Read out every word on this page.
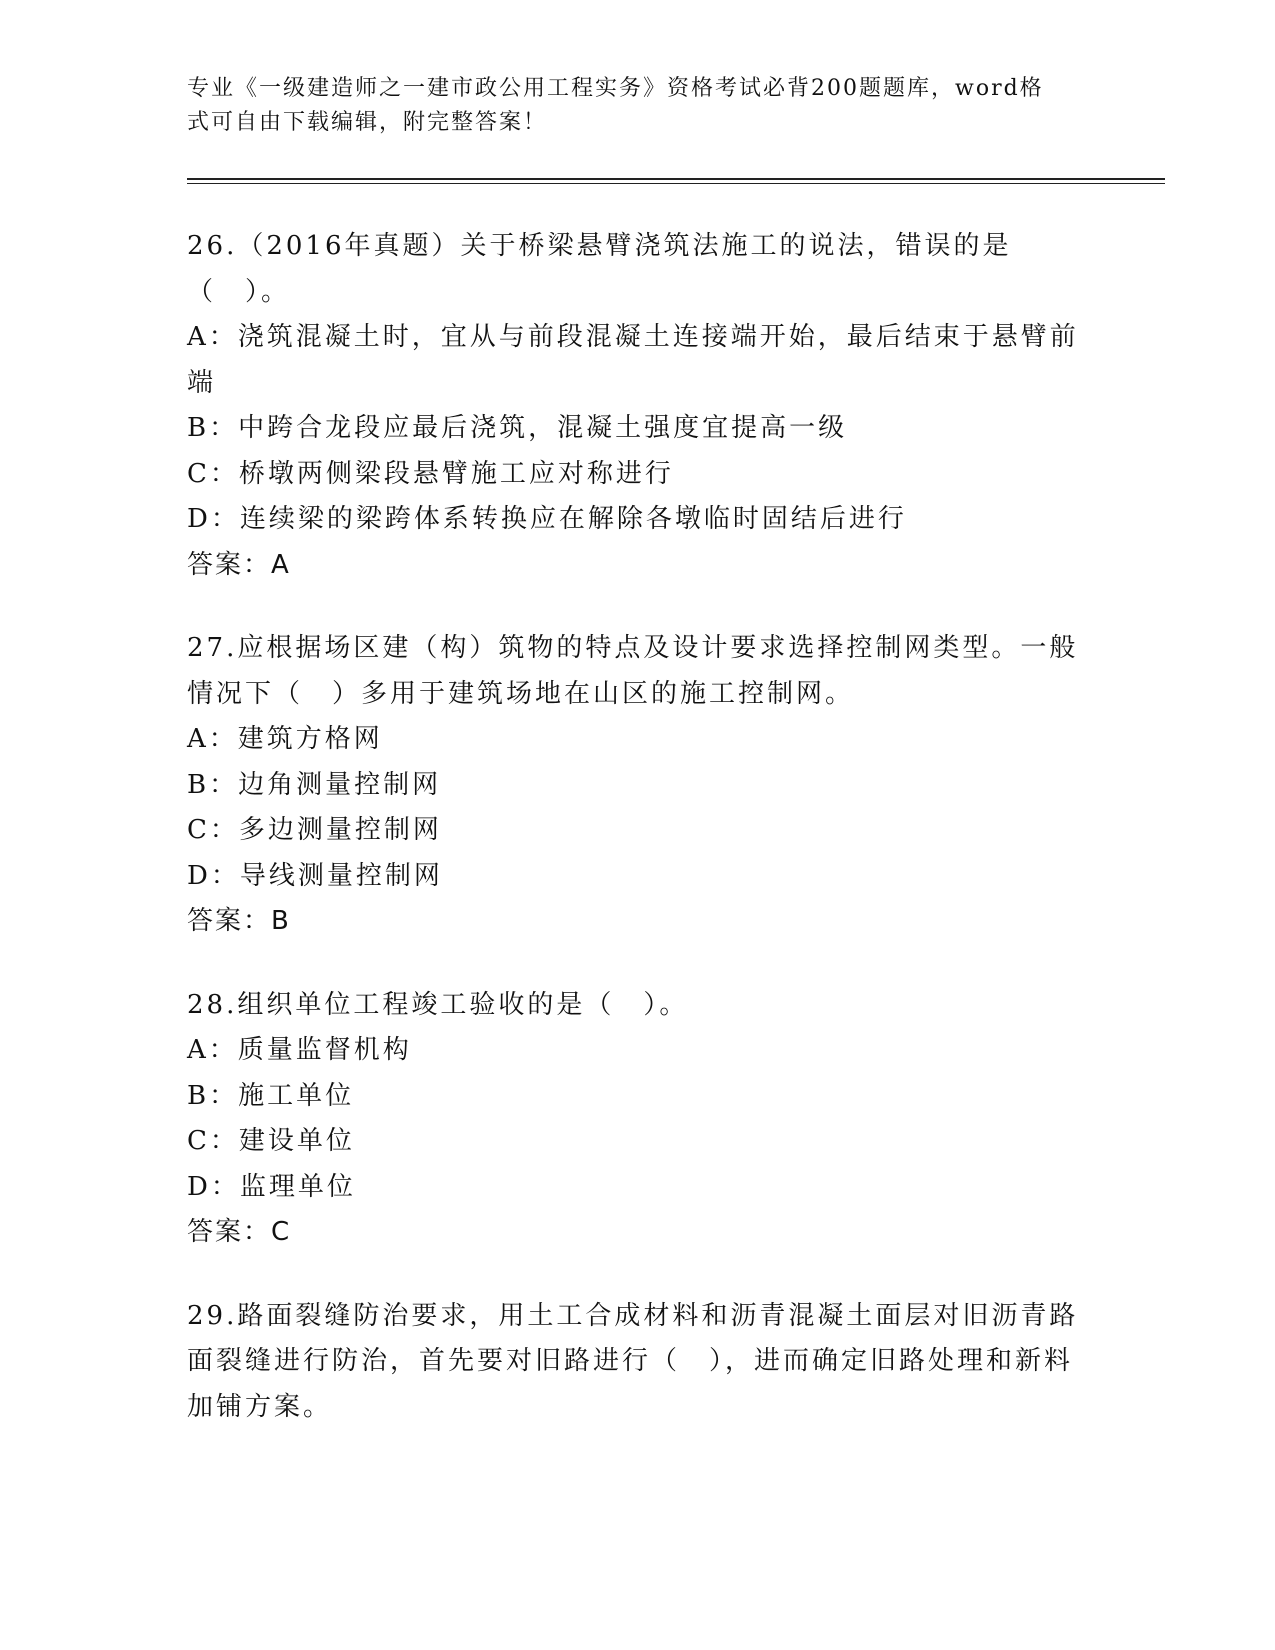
专业《一级建造师之一建市政公用工程实务》资格考试必背200题题库，word格式可自由下载编辑，附完整答案！

26.（2016年真题）关于桥梁悬臂浇筑法施工的说法，错误的是（　）。

A：浇筑混凝土时，宜从与前段混凝土连接端开始，最后结束于悬臂前端

B：中跨合龙段应最后浇筑，混凝土强度宜提高一级

C：桥墩两侧梁段悬臂施工应对称进行

D：连续梁的梁跨体系转换应在解除各墩临时固结后进行

答案：A

27.应根据场区建（构）筑物的特点及设计要求选择控制网类型。一般情况下（　）多用于建筑场地在山区的施工控制网。

A：建筑方格网

B：边角测量控制网

C：多边测量控制网

D：导线测量控制网

答案：B

28.组织单位工程竣工验收的是（　）。

A：质量监督机构

B：施工单位

C：建设单位

D：监理单位

答案：C

29.路面裂缝防治要求，用土工合成材料和沥青混凝土面层对旧沥青路面裂缝进行防治，首先要对旧路进行（　），进而确定旧路处理和新料加铺方案。
